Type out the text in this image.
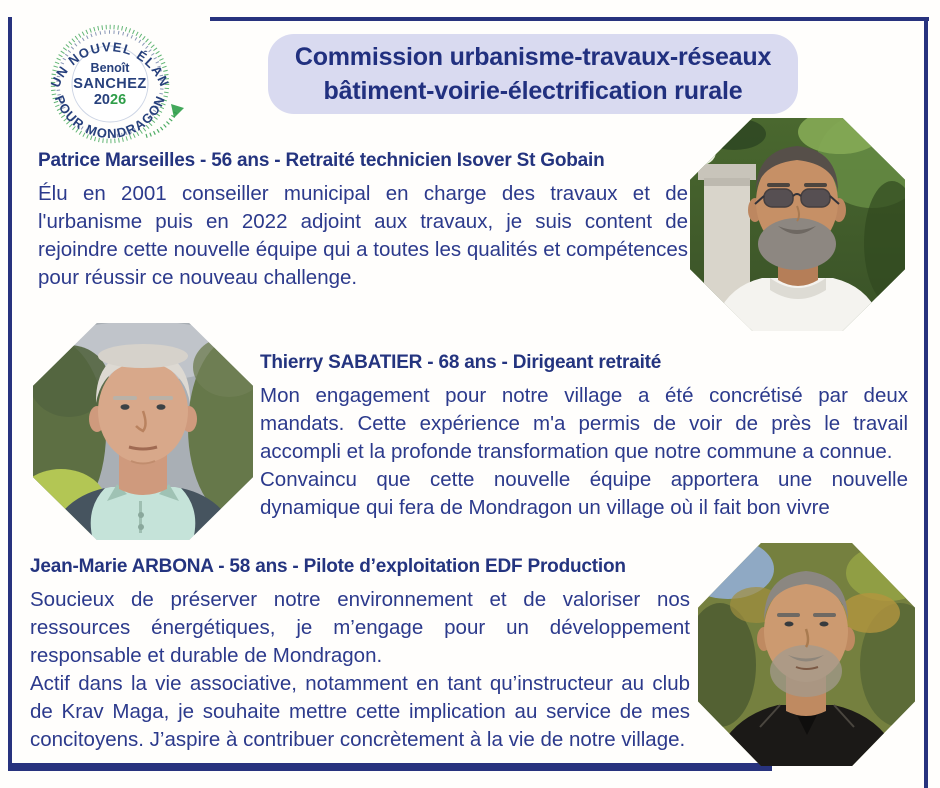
UN NOUVEL ÉLAN
POUR MONDRAGON
Benoît
SANCHEZ
2026
Commission urbanisme-travaux-réseaux
bâtiment-voirie-électrification rurale
Patrice Marseilles - 56 ans - Retraité technicien Isover St Gobain

Élu en 2001 conseiller municipal en charge des travaux et de l'urbanisme puis en 2022 adjoint aux travaux, je suis content de rejoindre cette nouvelle équipe qui a toutes les qualités et compétences pour réussir ce nouveau challenge.

Thierry SABATIER - 68 ans - Dirigeant retraité

Mon engagement pour notre village a été concrétisé par deux mandats. Cette expérience m'a permis de voir de près le travail accompli et la profonde transformation que notre commune a connue.

Convaincu que cette nouvelle équipe apportera une nouvelle dynamique qui fera de Mondragon un village où il fait bon vivre

Jean-Marie ARBONA - 58 ans - Pilote d’exploitation EDF Production

Soucieux de préserver notre environnement et de valoriser nos ressources énergétiques, je m’engage pour un développement responsable et durable de Mondragon.

Actif dans la vie associative, notamment en tant qu’instructeur au club de Krav Maga, je souhaite mettre cette implication au service de mes concitoyens. J’aspire à contribuer concrètement à la vie de notre village.
